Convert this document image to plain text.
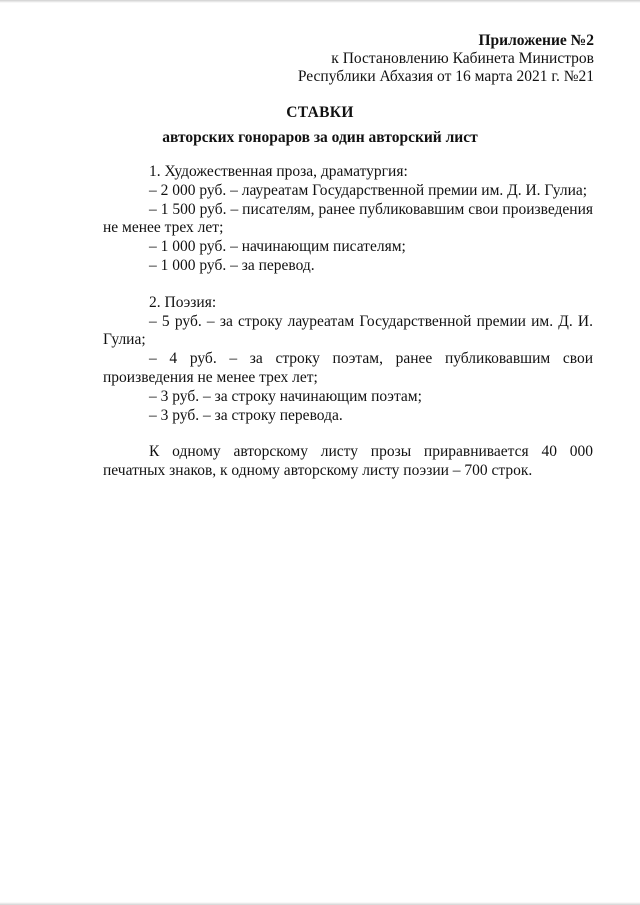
Приложение №2
к Постановлению Кабинета Министров
Республики Абхазия от 16 марта 2021 г. №21
СТАВКИ
авторских гонораров за один авторский лист

1. Художественная проза, драматургия:

– 2 000 руб. – лауреатам Государственной премии им. Д. И. Гулиа;

– 1 500 руб. – писателям, ранее публиковавшим свои произведения не менее трех лет;

– 1 000 руб. – начинающим писателям;

– 1 000 руб. – за перевод.

2. Поэзия:

– 5 руб. – за строку лауреатам Государственной премии им. Д. И. Гулиа;

– 4 руб. – за строку поэтам, ранее публиковавшим свои произведения не менее трех лет;

– 3 руб. – за строку начинающим поэтам;

– 3 руб. – за строку перевода.

К одному авторскому листу прозы приравнивается 40 000 печатных знаков, к одному авторскому листу поэзии – 700 строк.
